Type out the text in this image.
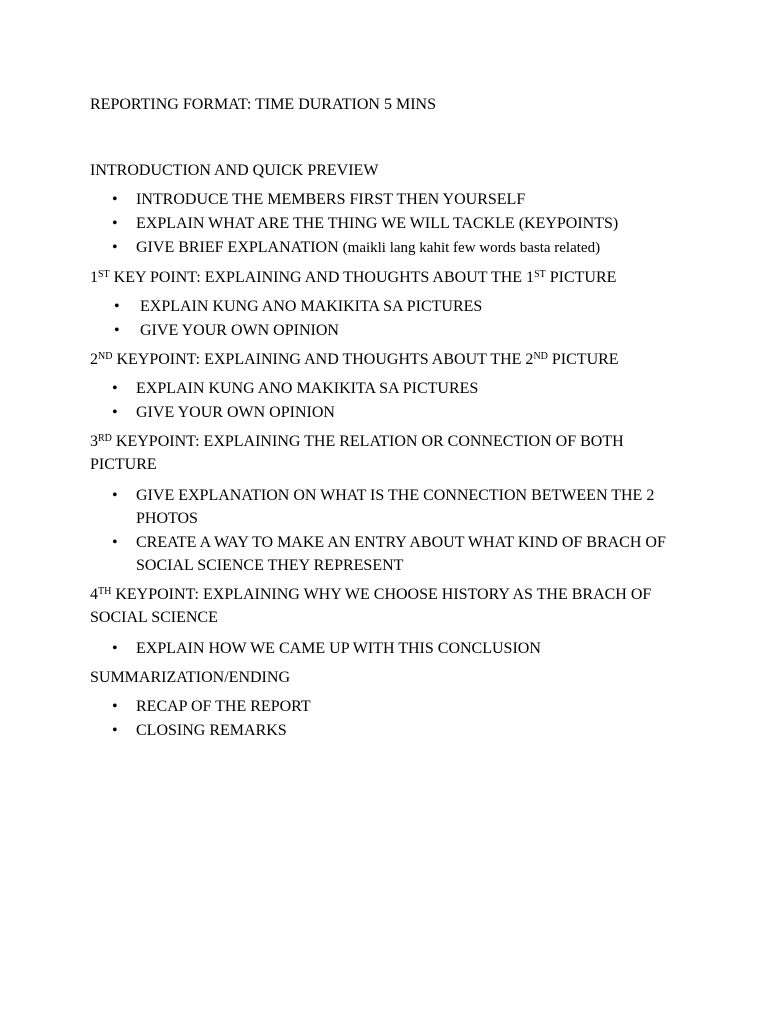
REPORTING FORMAT: TIME DURATION 5 MINS

INTRODUCTION AND QUICK PREVIEW

• INTRODUCE THE MEMBERS FIRST THEN YOURSELF
• EXPLAIN WHAT ARE THE THING WE WILL TACKLE (KEYPOINTS)
• GIVE BRIEF EXPLANATION (maikli lang kahit few words basta related)

1ST KEY POINT: EXPLAINING AND THOUGHTS ABOUT THE 1ST PICTURE

• EXPLAIN KUNG ANO MAKIKITA SA PICTURES
• GIVE YOUR OWN OPINION

2ND KEYPOINT: EXPLAINING AND THOUGHTS ABOUT THE 2ND PICTURE

• EXPLAIN KUNG ANO MAKIKITA SA PICTURES
• GIVE YOUR OWN OPINION

3RD KEYPOINT: EXPLAINING THE RELATION OR CONNECTION OF BOTH PICTURE

• GIVE EXPLANATION ON WHAT IS THE CONNECTION BETWEEN THE 2 PHOTOS
• CREATE A WAY TO MAKE AN ENTRY ABOUT WHAT KIND OF BRACH OF SOCIAL SCIENCE THEY REPRESENT

4TH KEYPOINT: EXPLAINING WHY WE CHOOSE HISTORY AS THE BRACH OF SOCIAL SCIENCE

• EXPLAIN HOW WE CAME UP WITH THIS CONCLUSION

SUMMARIZATION/ENDING

• RECAP OF THE REPORT
• CLOSING REMARKS
